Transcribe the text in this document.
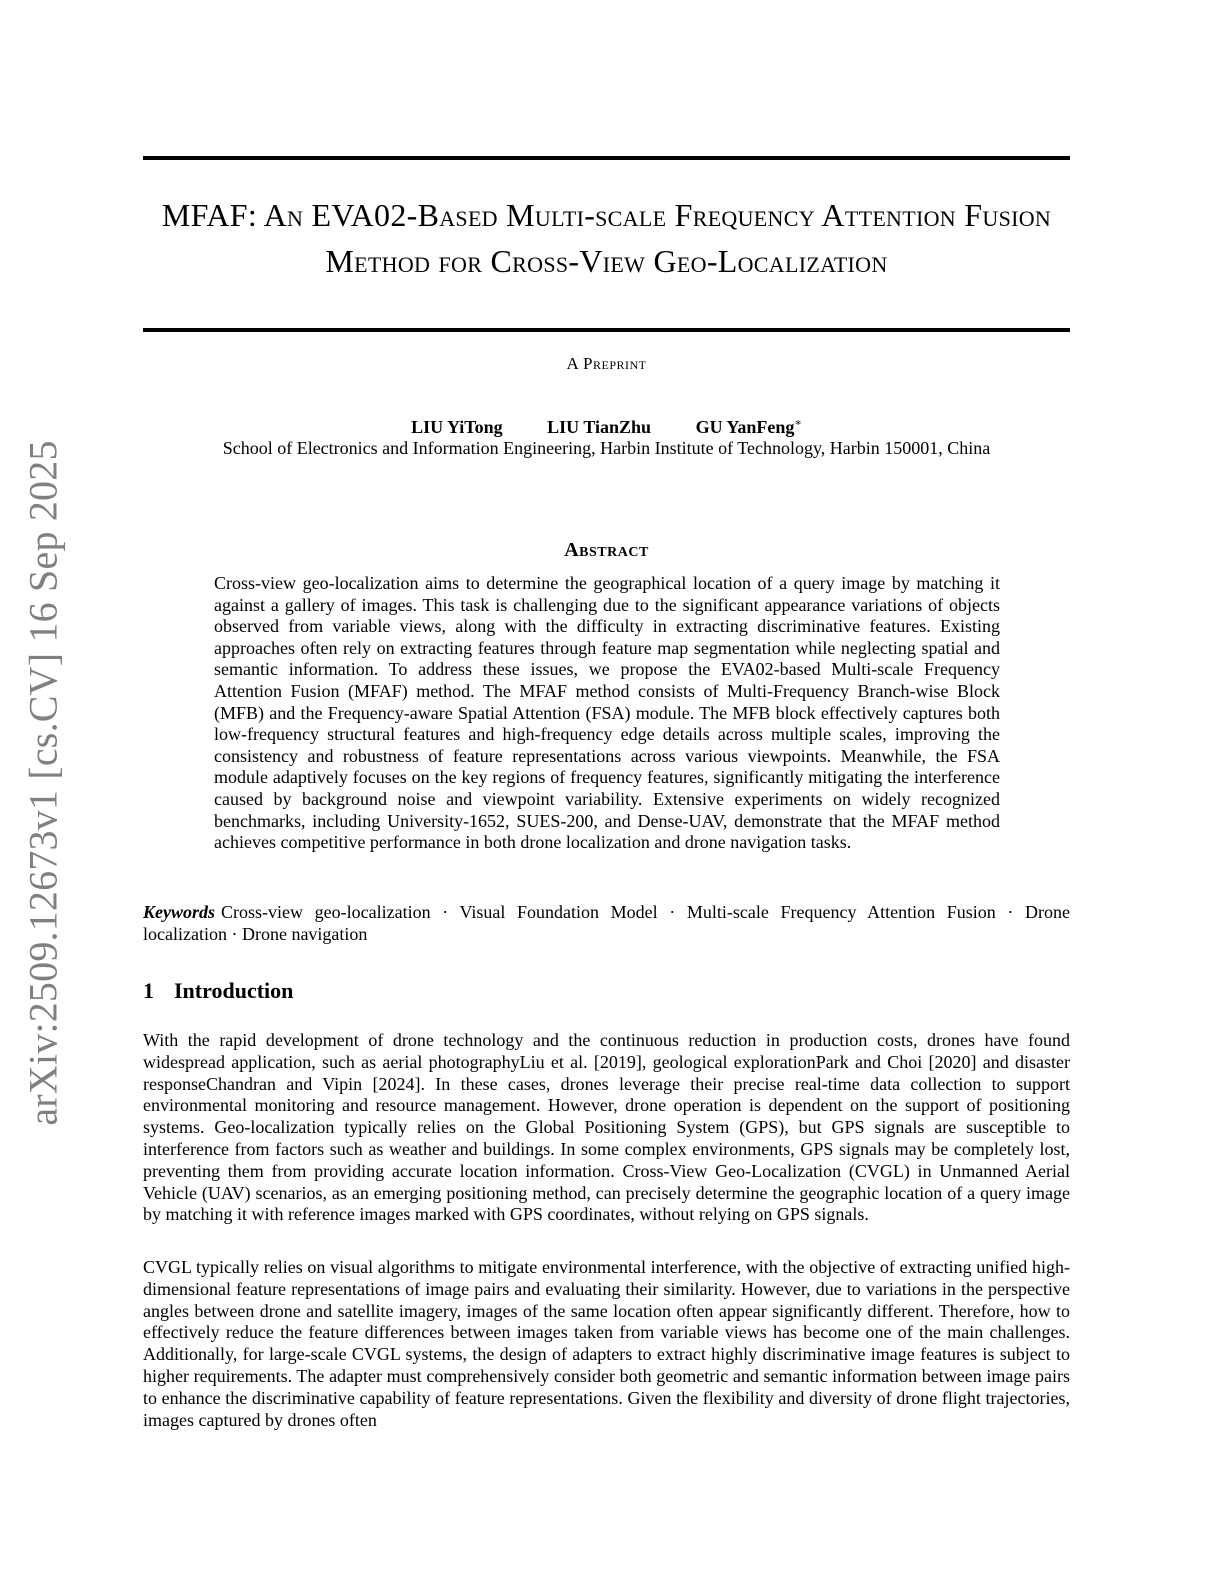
arXiv:2509.12673v1 [cs.CV] 16 Sep 2025
MFAF: An EVA02-Based Multi-scale Frequency Attention Fusion Method for Cross-View Geo-Localization
A Preprint
LIU YiTong LIU TianZhu GU YanFeng∗
School of Electronics and Information Engineering, Harbin Institute of Technology, Harbin 150001, China
Abstract

Cross-view geo-localization aims to determine the geographical location of a query image by matching it against a gallery of images. This task is challenging due to the significant appearance variations of objects observed from variable views, along with the difficulty in extracting discriminative features. Existing approaches often rely on extracting features through feature map segmentation while neglecting spatial and semantic information. To address these issues, we propose the EVA02-based Multi-scale Frequency Attention Fusion (MFAF) method. The MFAF method consists of Multi-Frequency Branch-wise Block (MFB) and the Frequency-aware Spatial Attention (FSA) module. The MFB block effectively captures both low-frequency structural features and high-frequency edge details across multiple scales, improving the consistency and robustness of feature representations across various viewpoints. Meanwhile, the FSA module adaptively focuses on the key regions of frequency features, significantly mitigating the interference caused by background noise and viewpoint variability. Extensive experiments on widely recognized benchmarks, including University-1652, SUES-200, and Dense-UAV, demonstrate that the MFAF method achieves competitive performance in both drone localization and drone navigation tasks.

Keywords Cross-view geo-localization · Visual Foundation Model · Multi-scale Frequency Attention Fusion · Drone localization · Drone navigation

1 Introduction

With the rapid development of drone technology and the continuous reduction in production costs, drones have found widespread application, such as aerial photographyLiu et al. [2019], geological explorationPark and Choi [2020] and disaster responseChandran and Vipin [2024]. In these cases, drones leverage their precise real-time data collection to support environmental monitoring and resource management. However, drone operation is dependent on the support of positioning systems. Geo-localization typically relies on the Global Positioning System (GPS), but GPS signals are susceptible to interference from factors such as weather and buildings. In some complex environments, GPS signals may be completely lost, preventing them from providing accurate location information. Cross-View Geo-Localization (CVGL) in Unmanned Aerial Vehicle (UAV) scenarios, as an emerging positioning method, can precisely determine the geographic location of a query image by matching it with reference images marked with GPS coordinates, without relying on GPS signals.

CVGL typically relies on visual algorithms to mitigate environmental interference, with the objective of extracting unified high-dimensional feature representations of image pairs and evaluating their similarity. However, due to variations in the perspective angles between drone and satellite imagery, images of the same location often appear significantly different. Therefore, how to effectively reduce the feature differences between images taken from variable views has become one of the main challenges. Additionally, for large-scale CVGL systems, the design of adapters to extract highly discriminative image features is subject to higher requirements. The adapter must comprehensively consider both geometric and semantic information between image pairs to enhance the discriminative capability of feature representations. Given the flexibility and diversity of drone flight trajectories, images captured by drones often
